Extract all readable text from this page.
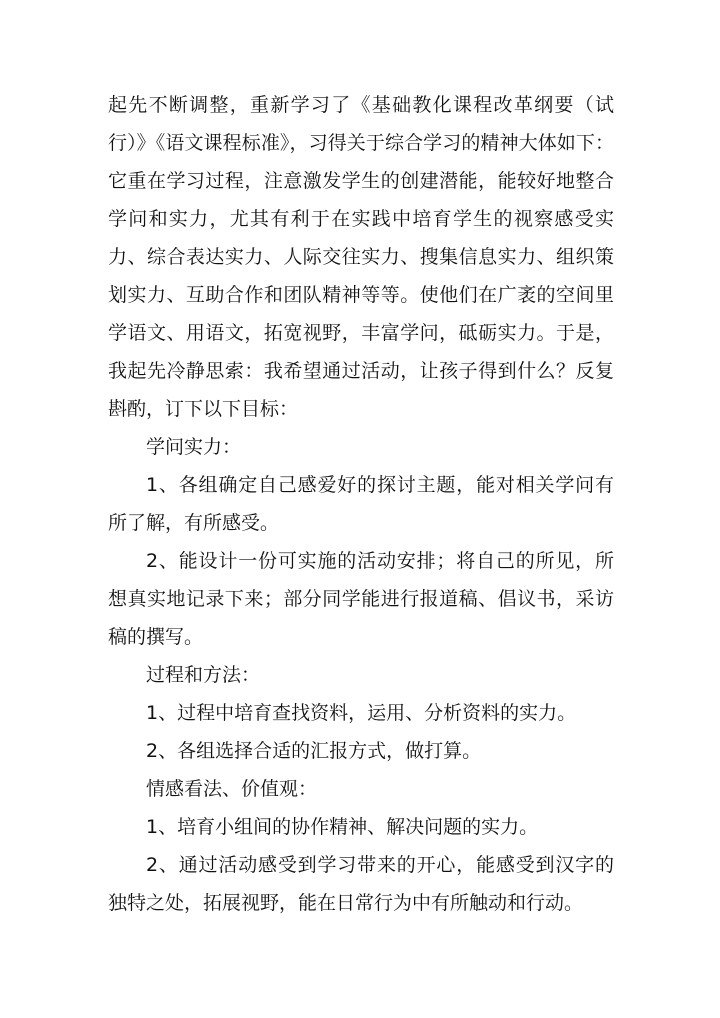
起先不断调整，重新学习了《基础教化课程改革纲要（试行）》《语文课程标准》，习得关于综合学习的精神大体如下：它重在学习过程，注意激发学生的创建潜能，能较好地整合学问和实力，尤其有利于在实践中培育学生的视察感受实力、综合表达实力、人际交往实力、搜集信息实力、组织策划实力、互助合作和团队精神等等。使他们在广袤的空间里学语文、用语文，拓宽视野，丰富学问，砥砺实力。于是，我起先冷静思索：我希望通过活动，让孩子得到什么？反复斟酌，订下以下目标：

学问实力：

1、各组确定自己感爱好的探讨主题，能对相关学问有所了解，有所感受。

2、能设计一份可实施的活动安排；将自己的所见，所想真实地记录下来；部分同学能进行报道稿、倡议书，采访稿的撰写。

过程和方法：

1、过程中培育查找资料，运用、分析资料的实力。

2、各组选择合适的汇报方式，做打算。

情感看法、价值观：

1、培育小组间的协作精神、解决问题的实力。

2、通过活动感受到学习带来的开心，能感受到汉字的独特之处，拓展视野，能在日常行为中有所触动和行动。
